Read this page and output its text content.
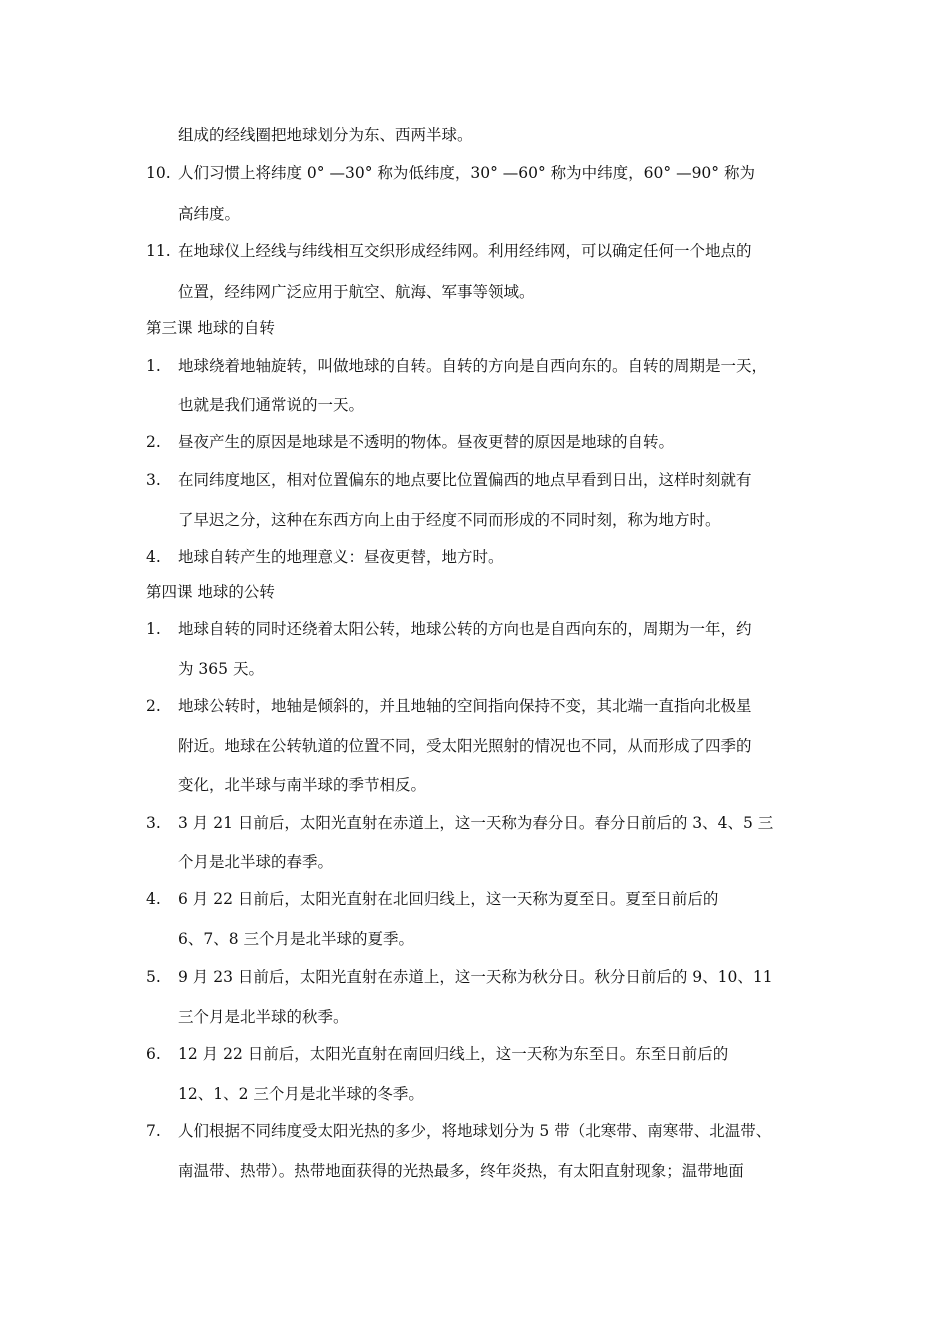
组成的经线圈把地球划分为东、西两半球。
10. 人们习惯上将纬度 0° —30° 称为低纬度，30° —60° 称为中纬度，60° —90° 称为
高纬度。
11. 在地球仪上经线与纬线相互交织形成经纬网。利用经纬网，可以确定任何一个地点的
位置，经纬网广泛应用于航空、航海、军事等领域。
第三课 地球的自转
1. 地球绕着地轴旋转，叫做地球的自转。自转的方向是自西向东的。自转的周期是一天，
也就是我们通常说的一天。
2. 昼夜产生的原因是地球是不透明的物体。昼夜更替的原因是地球的自转。
3. 在同纬度地区，相对位置偏东的地点要比位置偏西的地点早看到日出，这样时刻就有
了早迟之分，这种在东西方向上由于经度不同而形成的不同时刻，称为地方时。
4. 地球自转产生的地理意义：昼夜更替，地方时。
第四课 地球的公转
1. 地球自转的同时还绕着太阳公转，地球公转的方向也是自西向东的，周期为一年，约
为 365 天。
2. 地球公转时，地轴是倾斜的，并且地轴的空间指向保持不变，其北端一直指向北极星
附近。地球在公转轨道的位置不同，受太阳光照射的情况也不同，从而形成了四季的
变化，北半球与南半球的季节相反。
3. 3 月 21 日前后，太阳光直射在赤道上，这一天称为春分日。春分日前后的 3、4、5 三
个月是北半球的春季。
4. 6 月 22 日前后，太阳光直射在北回归线上，这一天称为夏至日。夏至日前后的
6、7、8 三个月是北半球的夏季。
5. 9 月 23 日前后，太阳光直射在赤道上，这一天称为秋分日。秋分日前后的 9、10、11
三个月是北半球的秋季。
6. 12 月 22 日前后，太阳光直射在南回归线上，这一天称为东至日。东至日前后的
12、1、2 三个月是北半球的冬季。
7. 人们根据不同纬度受太阳光热的多少，将地球划分为 5 带（北寒带、南寒带、北温带、
南温带、热带）。热带地面获得的光热最多，终年炎热，有太阳直射现象；温带地面
